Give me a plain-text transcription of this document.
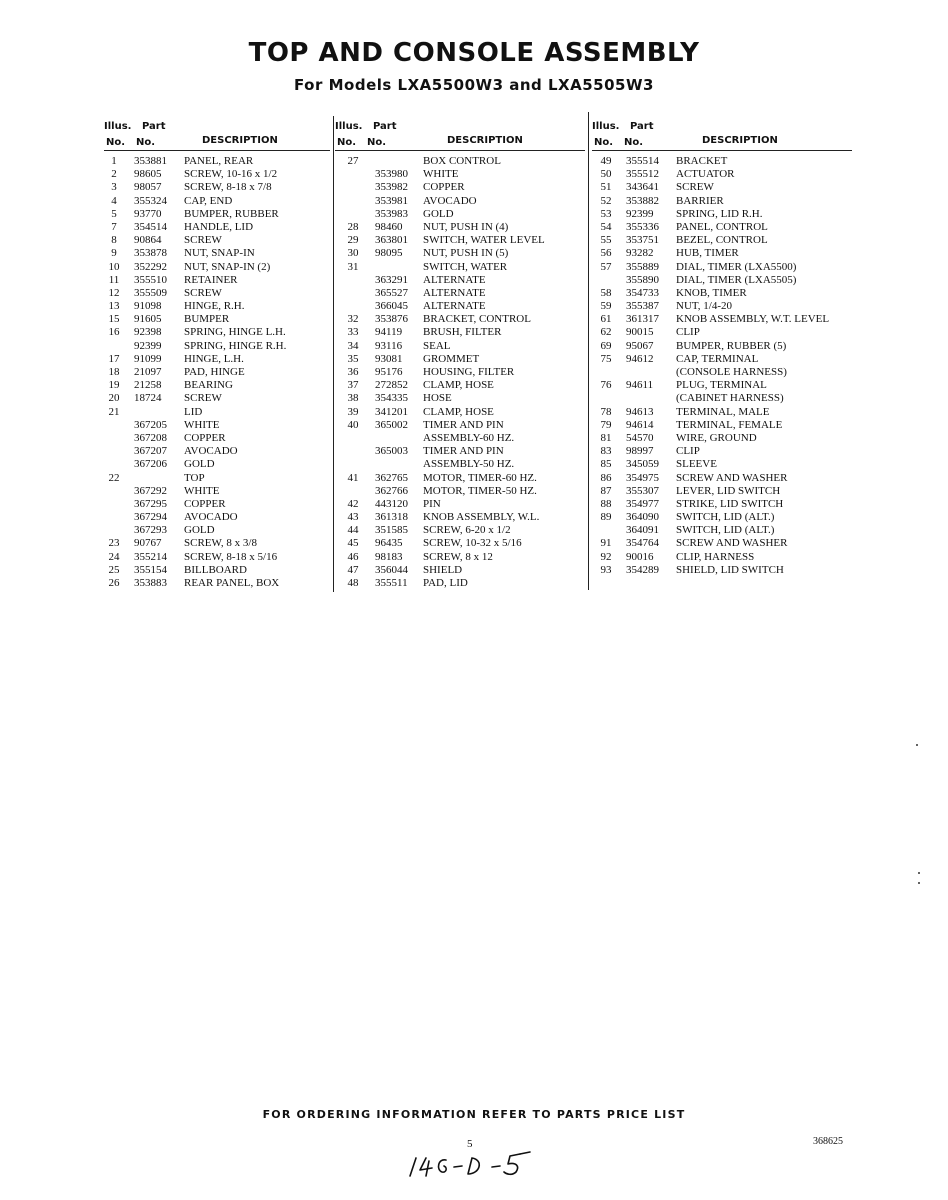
TOP AND CONSOLE ASSEMBLY
For Models LXA5500W3 and LXA5505W3
Illus. Part
No. No.	DESCRIPTION
1	353881 PANEL, REAR
2	98605 SCREW, 10-16 x 1/2
3	98057 SCREW, 8-18 x 7/8
4	355324 CAP, END
5	93770 BUMPER, RUBBER
7	354514 HANDLE, LID
8	90864 SCREW
9	353878 NUT, SNAP-IN
10	352292 NUT, SNAP-IN (2)
11	355510 RETAINER
12	355509 SCREW
13	91098 HINGE, R.H.
15	91605 BUMPER
16	92398 SPRING, HINGE L.H.
92399 SPRING, HINGE R.H.
17	91099 HINGE, L.H.
18	21097 PAD, HINGE
19	21258 BEARING
20	18724 SCREW
21	LID
367205 WHITE
367208 COPPER
367207 AVOCADO
367206 GOLD
22	TOP
367292 WHITE
367295 COPPER
367294 AVOCADO
367293 GOLD
23	90767 SCREW, 8 x 3/8
24	355214 SCREW, 8-18 x 5/16
25	355154 BILLBOARD
26	353883 REAR PANEL, BOX
Illus. Part
No. No.	DESCRIPTION
27	BOX CONTROL
353980 WHITE
353982 COPPER
353981 AVOCADO
353983 GOLD
28	98460 NUT, PUSH IN (4)
29	363801 SWITCH, WATER LEVEL
30	98095 NUT, PUSH IN (5)
31	SWITCH, WATER
363291 ALTERNATE
365527 ALTERNATE
366045 ALTERNATE
32	353876 BRACKET, CONTROL
33	94119 BRUSH, FILTER
34	93116 SEAL
35	93081 GROMMET
36	95176 HOUSING, FILTER
37	272852 CLAMP, HOSE
38	354335 HOSE
39	341201 CLAMP, HOSE
40	365002 TIMER AND PIN
ASSEMBLY-60 HZ.
365003 TIMER AND PIN
ASSEMBLY-50 HZ.
41	362765 MOTOR, TIMER-60 HZ.
362766 MOTOR, TIMER-50 HZ.
42	443120 PIN
43	361318 KNOB ASSEMBLY, W.L.
44	351585 SCREW, 6-20 x 1/2
45	96435 SCREW, 10-32 x 5/16
46	98183 SCREW, 8 x 12
47	356044 SHIELD
48	355511 PAD, LID
Illus. Part
No. No.	DESCRIPTION
49	355514 BRACKET
50	355512 ACTUATOR
51	343641 SCREW
52	353882 BARRIER
53	92399 SPRING, LID R.H.
54	355336 PANEL, CONTROL
55	353751 BEZEL, CONTROL
56	93282 HUB, TIMER
57	355889 DIAL, TIMER (LXA5500)
355890 DIAL, TIMER (LXA5505)
58	354733 KNOB, TIMER
59	355387 NUT, 1/4-20
61	361317 KNOB ASSEMBLY, W.T. LEVEL
62	90015 CLIP
69	95067 BUMPER, RUBBER (5)
75	94612 CAP, TERMINAL
(CONSOLE HARNESS)
76	94611 PLUG, TERMINAL
(CABINET HARNESS)
78	94613 TERMINAL, MALE
79	94614 TERMINAL, FEMALE
81	54570 WIRE, GROUND
83	98997 CLIP
85	345059 SLEEVE
86	354975 SCREW AND WASHER
87	355307 LEVER, LID SWITCH
88	354977 STRIKE, LID SWITCH
89	364090 SWITCH, LID (ALT.)
364091 SWITCH, LID (ALT.)
91	354764 SCREW AND WASHER
92	90016 CLIP, HARNESS
93	354289 SHIELD, LID SWITCH
FOR ORDERING INFORMATION REFER TO PARTS PRICE LIST
5	368625
